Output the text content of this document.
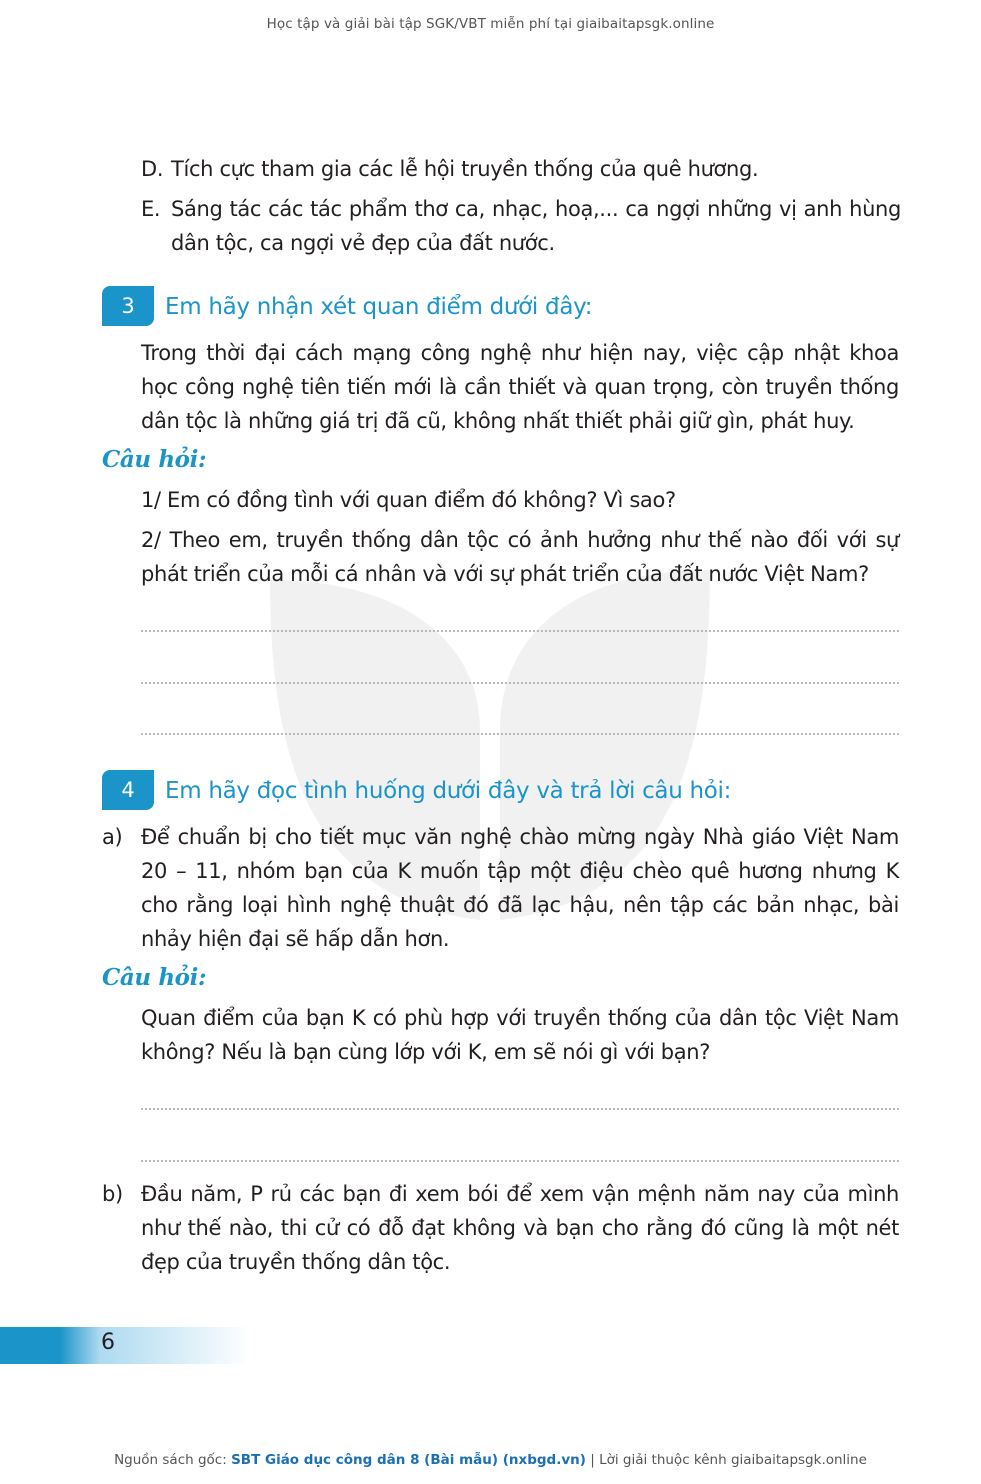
Học tập và giải bài tập SGK/VBT miễn phí tại giaibaitapsgk.online
D. Tích cực tham gia các lễ hội truyền thống của quê hương.
E. Sáng tác các tác phẩm thơ ca, nhạc, hoạ,... ca ngợi những vị anh hùng dân tộc, ca ngợi vẻ đẹp của đất nước.
3	Em hãy nhận xét quan điểm dưới đây:

Trong thời đại cách mạng công nghệ như hiện nay, việc cập nhật khoa học công nghệ tiên tiến mới là cần thiết và quan trọng, còn truyền thống dân tộc là những giá trị đã cũ, không nhất thiết phải giữ gìn, phát huy.

Câu hỏi:

1/ Em có đồng tình với quan điểm đó không? Vì sao?

2/ Theo em, truyền thống dân tộc có ảnh hưởng như thế nào đối với sự phát triển của mỗi cá nhân và với sự phát triển của đất nước Việt Nam?

4	Em hãy đọc tình huống dưới đây và trả lời câu hỏi:
a) Để chuẩn bị cho tiết mục văn nghệ chào mừng ngày Nhà giáo Việt Nam 20 – 11, nhóm bạn của K muốn tập một điệu chèo quê hương nhưng K cho rằng loại hình nghệ thuật đó đã lạc hậu, nên tập các bản nhạc, bài nhảy hiện đại sẽ hấp dẫn hơn.

Câu hỏi:

Quan điểm của bạn K có phù hợp với truyền thống của dân tộc Việt Nam không? Nếu là bạn cùng lớp với K, em sẽ nói gì với bạn?

b) Đầu năm, P rủ các bạn đi xem bói để xem vận mệnh năm nay của mình như thế nào, thi cử có đỗ đạt không và bạn cho rằng đó cũng là một nét đẹp của truyền thống dân tộc.

6
Nguồn sách gốc: SBT Giáo dục công dân 8 (Bài mẫu) (nxbgd.vn) | Lời giải thuộc kênh giaibaitapsgk.online
